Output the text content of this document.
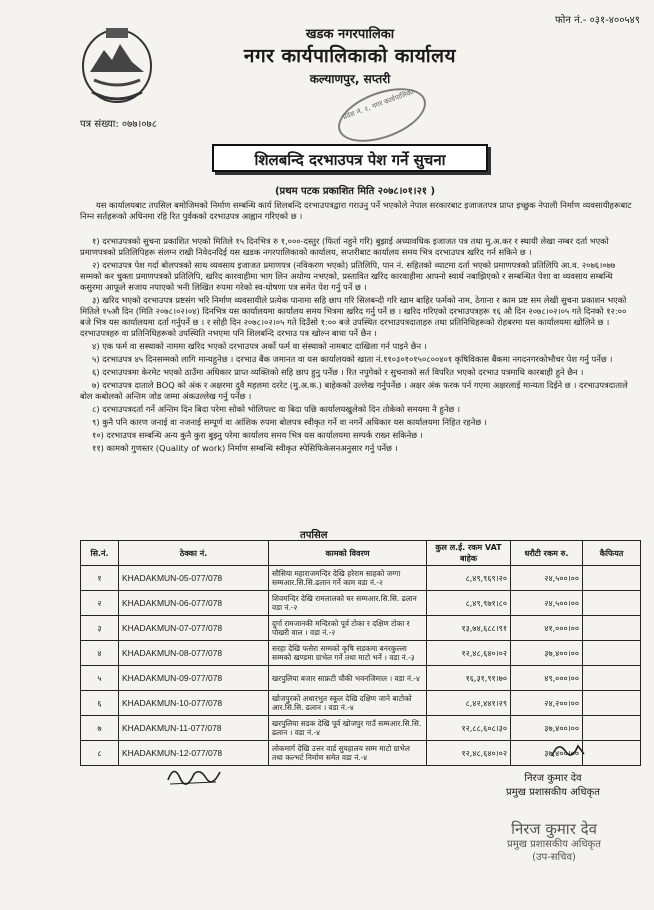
फोन नं.- ०३१-४००५४९
खडक नगरपालिका
नगर कार्यपालिकाको कार्यालय
कल्याणपुर, सप्तरी
प्रदेश नं. २, नगर कार्यपालिका
पत्र संख्या: ०७७।०७८
शिलबन्दि दरभाउपत्र पेश गर्ने सुचना
(प्रथम पटक प्रकाशित मिति २०७८।०१।२१ )
यस कार्यालयबाट तपसिल बमोजिमको निर्माण सम्बन्धि कार्य शिलबन्दि दरभाउपत्रद्वारा गराउनु पर्ने भएकोले नेपाल सरकारबाट इजाजतपत्र प्राप्त इच्छुक नेपाली निर्माण व्यवसायीहरूबाट निम्न सर्तहरूको अधिनमा रहि रित पुर्वकको दरभाउपत्र आह्वान गरिएको छ ।

१) दरभाउपत्रको सुचना प्रकाशित भएको मितिले १५ दिनभित्र रु १,०००-दस्तुर (फिर्ता नहुने गरि) बुझाई अध्यावधिक इजाजत पत्र तथा मु.अ.कर र स्थायी लेखा नम्बर दर्ता भएको प्रमाणपत्रको प्रतिलिपिहरू संलग्न राखी निवेदनदिई यस खडक नगरपालिकाको कार्यालय, सप्तरीबाट कार्यालय समय भित्र दरभाउपत्र खरिद गर्न सकिने छ ।

२) दरभाउपत्र पेश गर्दा बोलपत्रको साथ व्यवसाय इजाजत प्रमाणपत्र (नविकरण भएको) प्रतिलिपि, पान नं. सहितको व्याटमा दर्ता भएको प्रमाणपत्रको प्रतिलिपि आ.व. २०७६।०७७ सम्मको कर चुक्ता प्रमाणपत्रको प्रतिलिपि, खरिद कारवाहीमा भाग लिन अयोग्य नभएको, प्रस्तावित खरिद कारवाहीमा आफ्नो स्वार्थ नबाझिएको र सम्बन्धित पेशा वा व्यवसाय सम्बन्धि कसुरमा आफूले सजाय नपाएको भनी लिखित रुपमा गरेको स्व-घोषणा पत्र समेत पेश गर्नु पर्ने छ ।

३) खरिद भएको दरभाउपत्र प्रष्टसंग भरि निर्माण व्यवसायीले प्रत्येक पानामा सहि छाप गरि सिलबन्दी गरि खाम बाहिर फर्मको नाम, ठेगाना र काम प्रष्ट सम लेखी सुचना प्रकाशन भएको मितिले १५औ दिन (मिति २०७८।०२।०४) दिनभित्र यस कार्यालयमा कार्यालय समय भित्रमा खरिद गर्नु पर्ने छ । खरिद गरिएको दरभाउपत्रहरू १६ औ दिन २०७८।०२।०५ गते दिनको १२:०० बजे भित्र यस कार्यालयमा दर्ता गर्नुपर्ने छ । र सोही दिन २०७८।०२।०५ गते दिउँसो १:०० बजे उपस्थित दरभाउपत्रदाताहरु तथा प्रतिनिधिहरूको रोहबरमा यस कार्यालयमा खोलिने छ । दरभाउपत्रहरु वा प्रतिनिधिहरूको उपस्थिति नभएमा पनि शिलबन्दि दरभाउ पत्र खोल्न बाधा पर्ने छैन ।

४) एक फर्म वा सस्थाको नाममा खरिद भएको दरभाउपत्र अर्को फर्म वा संस्थाको नामबाट दाखिला गर्न पाइने छैन ।

५) दरभाउपत्र ४५ दिनसम्मको लागि मान्यहुनेछ । दरभाउ बैंक जमानत वा यस कार्यालयको खाता नं.११०३०१०१५०८००४०१ कृषिविकास बैंकमा नगदनगरकोभौचर पेश गर्नु पर्नेछ ।

६) दरभाउपत्रमा केरमेट भएको ठाउँमा अधिकार प्राप्त व्यक्तिको सहि छाप हुनु पर्नेछ । रित नपुगेको र सुचनाको सर्त विपरित भएको दरभाउ पत्रमाथि कारबाही हुने छैन ।

७) दरभाउपत्र दाताले BOQ को अंक र अक्षरमा दुवै महलमा दररेट (मु.अ.क.) बाहेकको उल्लेख गर्नुपर्नेछ । अक्षर अंक फरक पर्न गएमा अक्षरलाई मान्यता दिईने छ । दरभाउपत्रदाताले बोल कबोलको अन्तिम जोड जम्मा अंकउल्लेख गर्नु पर्नेछ ।

८) दरभाउपत्रदर्ता गर्ने अन्तिम दिन बिदा परेमा सोको भोलिपल्ट वा बिदा पछि कार्यालयखुलेको दिन तोकेको समयमा नै हुनेछ ।

९) कुनै पनि कारण जनाई वा नजनाई सम्पूर्ण वा आंशिक रुपमा बोलपत्र स्वीकृत गर्ने वा नगर्ने अधिकार यस कार्यालयमा निहित रहनेछ ।

१०) दरभाउपत्र सम्बन्धि अन्य कुनै कुरा बुझ्नु परेमा कार्यालय समय भित्र यस कार्यालयमा सम्पर्क राख्न सकिनेछ ।

११) कामको गुणस्तर (Quality of work) निर्माण सम्बन्धि स्वीकृत स्पेसिफिकेसनअनुसार गर्नु पर्नेछ ।

तपसिल
सि.नं.	ठेक्का नं.	कामको विवरण	कुल ल.ई. रकम VAT बाहेक	धरौटी रकम रु.	कैफियत
१	KHADAKMUN-05-077/078	सौसिया महाराजमन्दिर देखि हरेराम साहको जग्गा सम्मआर.सि.सि.ढलान गर्ने काम वडा नं.-२	८,४९,९६९।२०	२४,५००।००	
२	KHADAKMUN-06-077/078	शिवमन्दिर देखि रामलालको घर सम्मआर.सि.सि. ढलान वडा नं.-२	८,४९,९७१।८०	२४,५००।००	
३	KHADAKMUN-07-077/078	दुर्गा रामजानकी मन्दिरको पूर्व टोका र दक्षिण टोका र पोखरी वाल । वडा नं.-२	१३,७४,६८८।९१	४१,०००।००	
४	KHADAKMUN-08-077/078	सरहा देखि फसेरा सम्मको कृषि सडकमा बनरकुल्ला सम्मको खण्डमा ग्राभेल गर्ने तथा माटो भर्ने । वडा नं.-३	१२,४८,६४०।०२	३७,४००।००	
५	KHADAKMUN-09-077/078	खरपुलिया बजार साफ्रटी चौकी भवनजिमाल । वडा नं.-४	१६,३१,९१।७०	४९,०००।००	
६	KHADAKMUN-10-077/078	खोजपुरको अधारभुत स्कूल देखि दक्षिण जाने बाटोको आर.सि.सि. ढलान । वडा नं.-४	८,४२,४४१।२९	२४,२००।००	
७	KHADAKMUN-11-077/078	खरपुलिया सडक देखि पूर्व खोजपुर गाउँ सम्मआर.सि.सि. ढलान । वडा नं.-४	१२,८८,६०८।३०	३७,४००।००	
८	KHADAKMUN-12-077/078	लोकमार्ग देखि उत्तर वार्ड सुयहालय सम्म माटो ग्राभेल तथा कल्भर्ट निर्माण समेत वडा नं.-४	१२,४८,६४०।०२	३७,४००।००	
निरज कुमार देव
प्रमुख प्रशासकीय अधिकृत
निरज कुमार देव
प्रमुख प्रशासकीय अधिकृत
(उप-सचिव)
